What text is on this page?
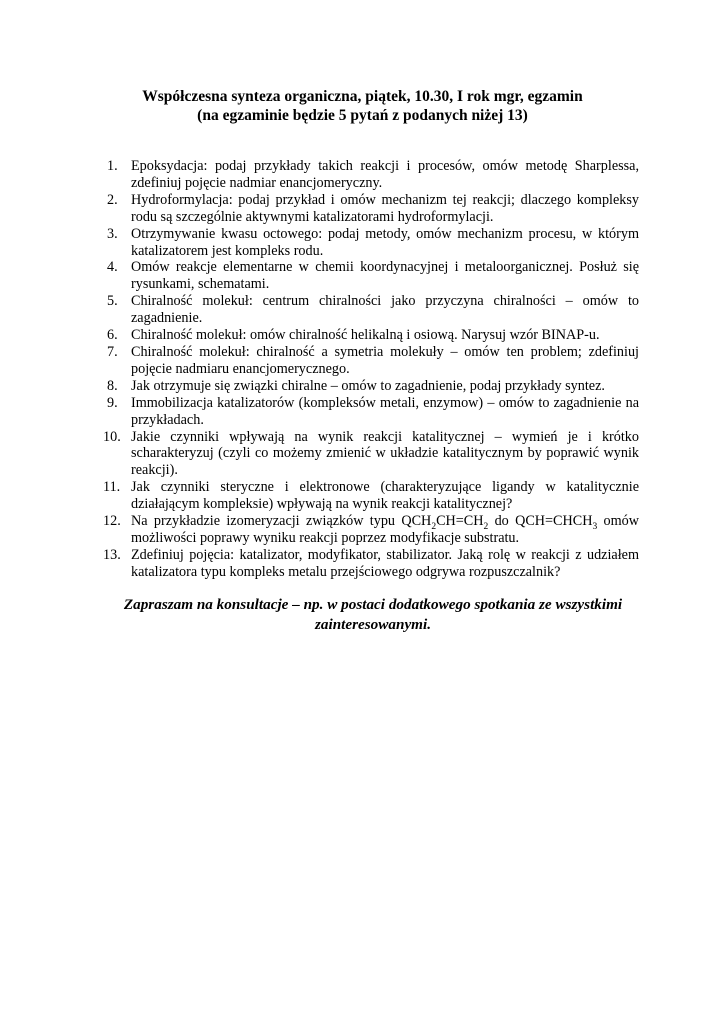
Współczesna synteza organiczna, piątek, 10.30, I rok mgr, egzamin
(na egzaminie będzie 5 pytań z podanych niżej 13)
1. Epoksydacja: podaj przykłady takich reakcji i procesów, omów metodę Sharplessa, zdefiniuj pojęcie nadmiar enancjomeryczny.
2. Hydroformylacja: podaj przykład i omów mechanizm tej reakcji; dlaczego kompleksy rodu są szczególnie aktywnymi katalizatorami hydroformylacji.
3. Otrzymywanie kwasu octowego: podaj metody, omów mechanizm procesu, w którym katalizatorem jest kompleks rodu.
4. Omów reakcje elementarne w chemii koordynacyjnej i metaloorganicznej. Posłuż się rysunkami, schematami.
5. Chiralność molekuł: centrum chiralności jako przyczyna chiralności – omów to zagadnienie.
6. Chiralność molekuł: omów chiralność helikalną i osiową. Narysuj wzór BINAP-u.
7. Chiralność molekuł: chiralność a symetria molekuły – omów ten problem; zdefiniuj pojęcie nadmiaru enancjomerycznego.
8. Jak otrzymuje się związki chiralne – omów to zagadnienie, podaj przykłady syntez.
9. Immobilizacja katalizatorów (kompleksów metali, enzymow) – omów to zagadnienie na przykładach.
10. Jakie czynniki wpływają na wynik reakcji katalitycznej – wymień je i krótko scharakteryzuj (czyli co możemy zmienić w układzie katalitycznym by poprawić wynik reakcji).
11. Jak czynniki steryczne i elektronowe (charakteryzujące ligandy w katalitycznie działającym kompleksie) wpływają na wynik reakcji katalitycznej?
12. Na przykładzie izomeryzacji związków typu $QCH_2CH=CH_2$ do $QCH=CHCH_3$ omów możliwości poprawy wyniku reakcji poprzez modyfikacje substratu.
13. Zdefiniuj pojęcia: katalizator, modyfikator, stabilizator. Jaką rolę w reakcji z udziałem katalizatora typu kompleks metalu przejściowego odgrywa rozpuszczalnik?
Zapraszam na konsultacje – np. w postaci dodatkowego spotkania ze wszystkimi zainteresowanymi.
